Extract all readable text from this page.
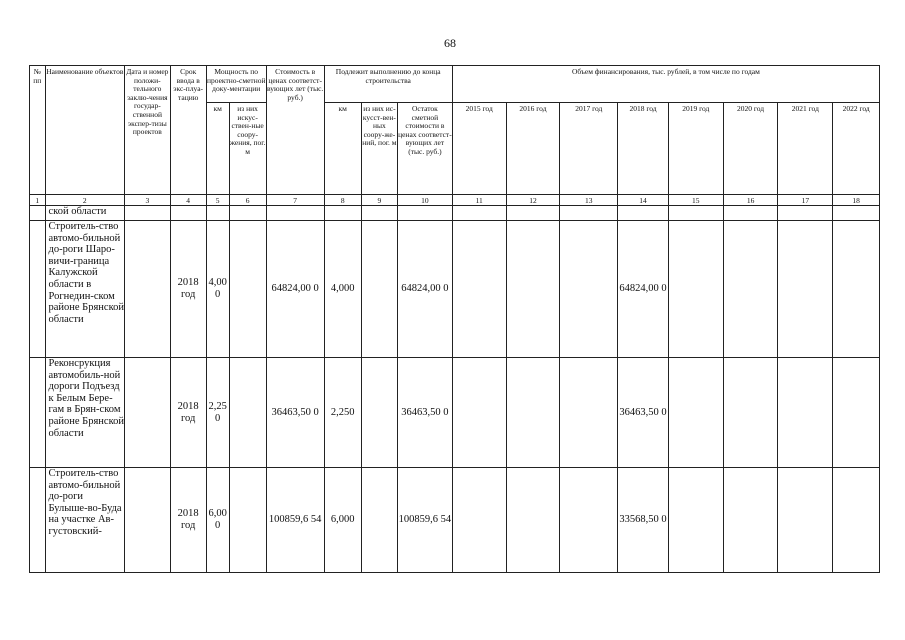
68
№ пп	Наименование объектов	Дата и номер положи-тельного заклю-чения государ-ственной экспер-тизы проектов	Срок ввода в экс-плуа-тацию	Мощность по проектно-сметной доку-ментации		Стоимость в ценах соответст-вующих лет (тыс. руб.)	Подлежит выполнению до конца строительства			Объем финансирования, тыс. рублей, в том числе по годам							
				км	из них искус-ствен-ные соору-жения, пог. м		км	из них ис-кусст-вен-ных соору-же-ний, пог. м	Остаток сметной стоимости в ценах соответст-вующих лет (тыс. руб.)	2015 год	2016 год	2017 год	2018 год	2019 год	2020 год	2021 год	2022 год
1	2	3	4	5	6	7	8	9	10	11	12	13	14	15	16	17	18
	ской области																
	Строитель-ство автомо-бильной до-роги Шаро-вичи-граница Калужской области в Рогнедин-ском районе Брянской области		2018 год	4,00 0		64824,00 0	4,000		64824,00 0				64824,00 0				
	Реконсрукция автомобиль-ной дороги Подъезд к Белым Бере-гам в Брян-ском районе Брянской области		2018 год	2,25 0		36463,50 0	2,250		36463,50 0				36463,50 0				
	Строитель-ство автомо-бильной до-роги Булыше-во-Буда на участке Ав-густовский-		2018 год	6,00 0		100859,6 54	6,000		100859,6 54				33568,50 0				
